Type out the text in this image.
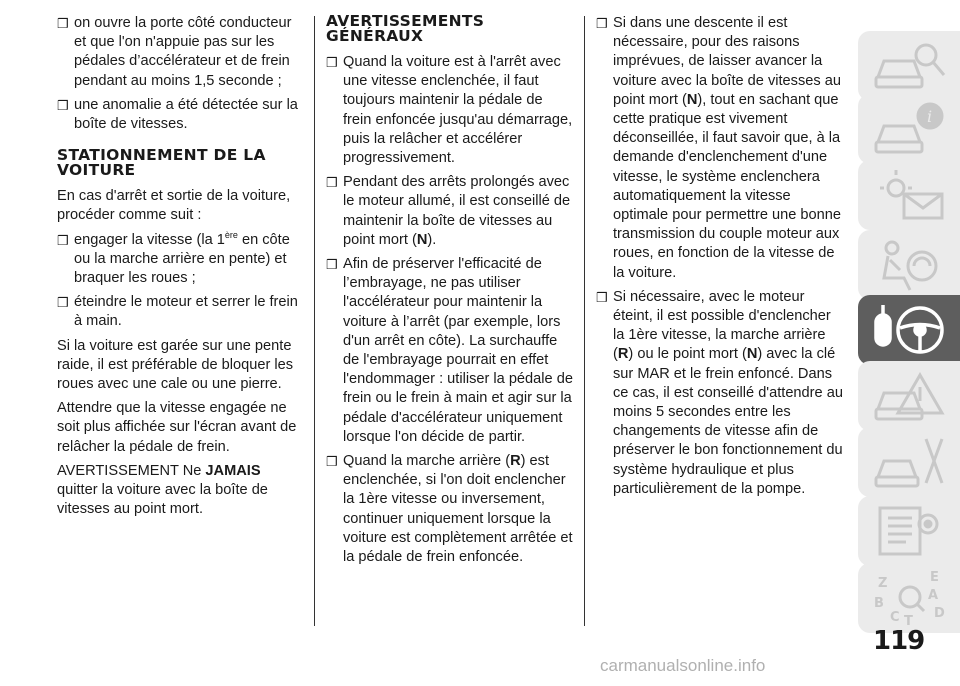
❒ on ouvre la porte côté conducteur et que l'on n'appuie pas sur les pédales d’accélérateur et de frein pendant au moins 1,5 seconde ;
❒ une anomalie a été détectée sur la boîte de vitesses.
STATIONNEMENT DE LA VOITURE
En cas d'arrêt et sortie de la voiture, procéder comme suit :
❒ engager la vitesse (la 1ère en côte ou la marche arrière en pente) et braquer les roues ;
❒ éteindre le moteur et serrer le frein à main.
Si la voiture est garée sur une pente raide, il est préférable de bloquer les roues avec une cale ou une pierre.
Attendre que la vitesse engagée ne soit plus affichée sur l'écran avant de relâcher la pédale de frein.
AVERTISSEMENT Ne JAMAIS quitter la voiture avec la boîte de vitesses au point mort.
AVERTISSEMENTS GÉNÉRAUX
❒ Quand la voiture est à l'arrêt avec une vitesse enclenchée, il faut toujours maintenir la pédale de frein enfoncée jusqu'au démarrage, puis la relâcher et accélérer progressivement.
❒ Pendant des arrêts prolongés avec le moteur allumé, il est conseillé de maintenir la boîte de vitesses au point mort (N).
❒ Afin de préserver l'efficacité de l’embrayage, ne pas utiliser l'accélérateur pour maintenir la voiture à l’arrêt (par exemple, lors d'un arrêt en côte). La surchauffe de l'embrayage pourrait en effet l'endommager : utiliser la pédale de frein ou le frein à main et agir sur la pédale d'accélérateur uniquement lorsque l'on décide de partir.
❒ Quand la marche arrière (R) est enclenchée, si l'on doit enclencher la 1ère vitesse ou inversement, continuer uniquement lorsque la voiture est complètement arrêtée et la pédale de frein enfoncée.
❒ Si dans une descente il est nécessaire, pour des raisons imprévues, de laisser avancer la voiture avec la boîte de vitesses au point mort (N), tout en sachant que cette pratique est vivement déconseillée, il faut savoir que, à la demande d'enclenchement d'une vitesse, le système enclenchera automatiquement la vitesse optimale pour permettre une bonne transmission du couple moteur aux roues, en fonction de la vitesse de la voiture.
❒ Si nécessaire, avec le moteur éteint, il est possible d'enclencher la 1ère vitesse, la marche arrière (R) ou le point mort (N) avec la clé sur MAR et le frein enfoncé. Dans ce cas, il est conseillé d'attendre au moins 5 secondes entre les changements de vitesse afin de préserver le bon fonctionnement du système hydraulique et plus particulièrement de la pompe.
i
Z	E
A
B
C T
D
119
carmanualsonline.info
